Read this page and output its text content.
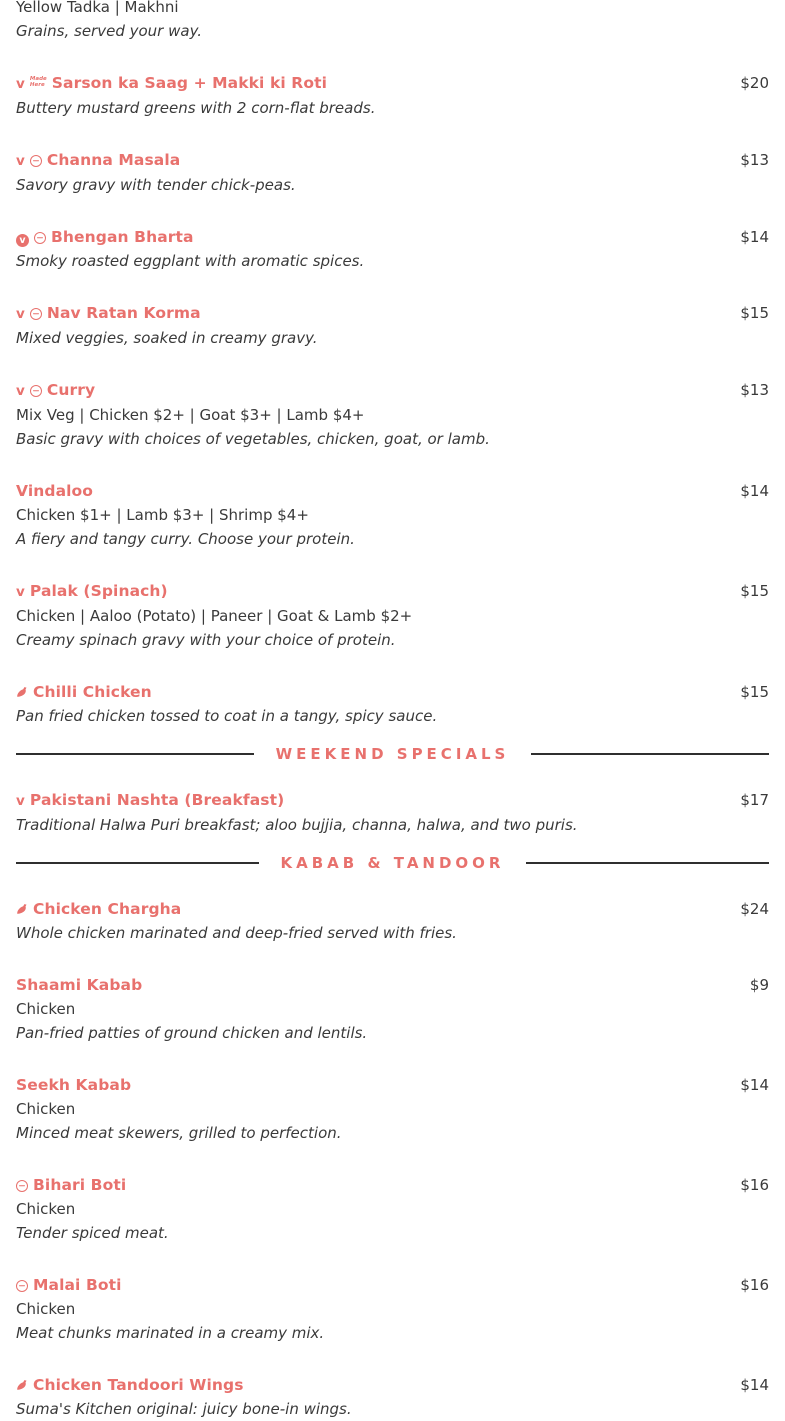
Yellow Tadka | Makhni
Grains, served your way.
v Made
Here Sarson ka Saag + Makki ki Roti	$20
Buttery mustard greens with 2 corn-flat breads.
v Channa Masala	$13
Savory gravy with tender chick-peas.
v Bhengan Bharta	$14
Smoky roasted eggplant with aromatic spices.
v Nav Ratan Korma	$15
Mixed veggies, soaked in creamy gravy.
v Curry	$13
Mix Veg | Chicken $2+ | Goat $3+ | Lamb $4+
Basic gravy with choices of vegetables, chicken, goat, or lamb.
Vindaloo	$14
Chicken $1+ | Lamb $3+ | Shrimp $4+
A fiery and tangy curry. Choose your protein.
v Palak (Spinach)	$15
Chicken | Aaloo (Potato) | Paneer | Goat & Lamb $2+
Creamy spinach gravy with your choice of protein.
Chilli Chicken	$15
Pan fried chicken tossed to coat in a tangy, spicy sauce.
WEEKEND SPECIALS
v Pakistani Nashta (Breakfast)	$17
Traditional Halwa Puri breakfast; aloo bujjia, channa, halwa, and two puris.
KABAB & TANDOOR
Chicken Chargha	$24
Whole chicken marinated and deep-fried served with fries.
Shaami Kabab	$9
Chicken
Pan-fried patties of ground chicken and lentils.
Seekh Kabab	$14
Chicken
Minced meat skewers, grilled to perfection.
Bihari Boti	$16
Chicken
Tender spiced meat.
Malai Boti	$16
Chicken
Meat chunks marinated in a creamy mix.
Chicken Tandoori Wings	$14
Suma's Kitchen original: juicy bone-in wings.
